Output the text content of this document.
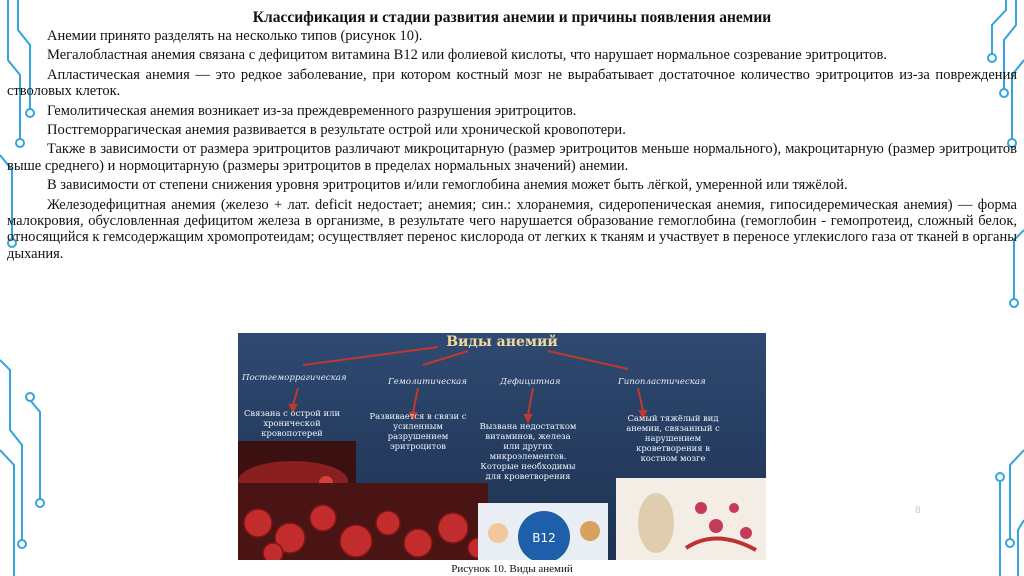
Классификация и стадии развития анемии и причины появления анемии

Анемии принято разделять на несколько типов (рисунок 10).

Мегалобластная анемия связана с дефицитом витамина В12 или фолиевой кислоты, что нарушает нормальное созревание эритроцитов.

Апластическая анемия — это редкое заболевание, при котором костный мозг не вырабатывает достаточное количество эритроцитов из-за повреждения стволовых клеток.

Гемолитическая анемия возникает из-за преждевременного разрушения эритроцитов.

Постгеморрагическая анемия развивается в результате острой или хронической кровопотери.

Также в зависимости от размера эритроцитов различают микроцитарную (размер эритроцитов меньше нормального), макроцитарную (размер эритроцитов выше среднего) и нормоцитарную (размеры эритроцитов в пределах нормальных значений) анемии.

В зависимости от степени снижения уровня эритроцитов и/или гемоглобина анемия может быть лёгкой, умеренной или тяжёлой.

Железодефицитная анемия (железо + лат. deficit недостает; анемия; син.: хлоранемия, сидеропеническая анемия, гипосидеремическая анемия) — форма малокровия, обусловленная дефицитом железа в организме, в результате чего нарушается образование гемоглобина (гемоглобин - гемопротеид, сложный белок, относящийся к гемсодержащим хромопротеидам; осуществляет перенос кислорода от легких к тканям и участвует в переносе углекислого газа от тканей в органы дыхания.

Виды анемий
Постгеморрагическая	Гемолитическая	Дефицитная	Гипопластическая
Связана с острой или хронической кровопотерей
Развивается в связи с усиленным разрушением эритроцитов
Вызвана недостатком витаминов, железа или других микроэлементов. Которые необходимы для кроветворения
Самый тяжёлый вид анемии, связанный с нарушением кроветворения в костном мозге
B12
8
Рисунок 10. Виды анемий
